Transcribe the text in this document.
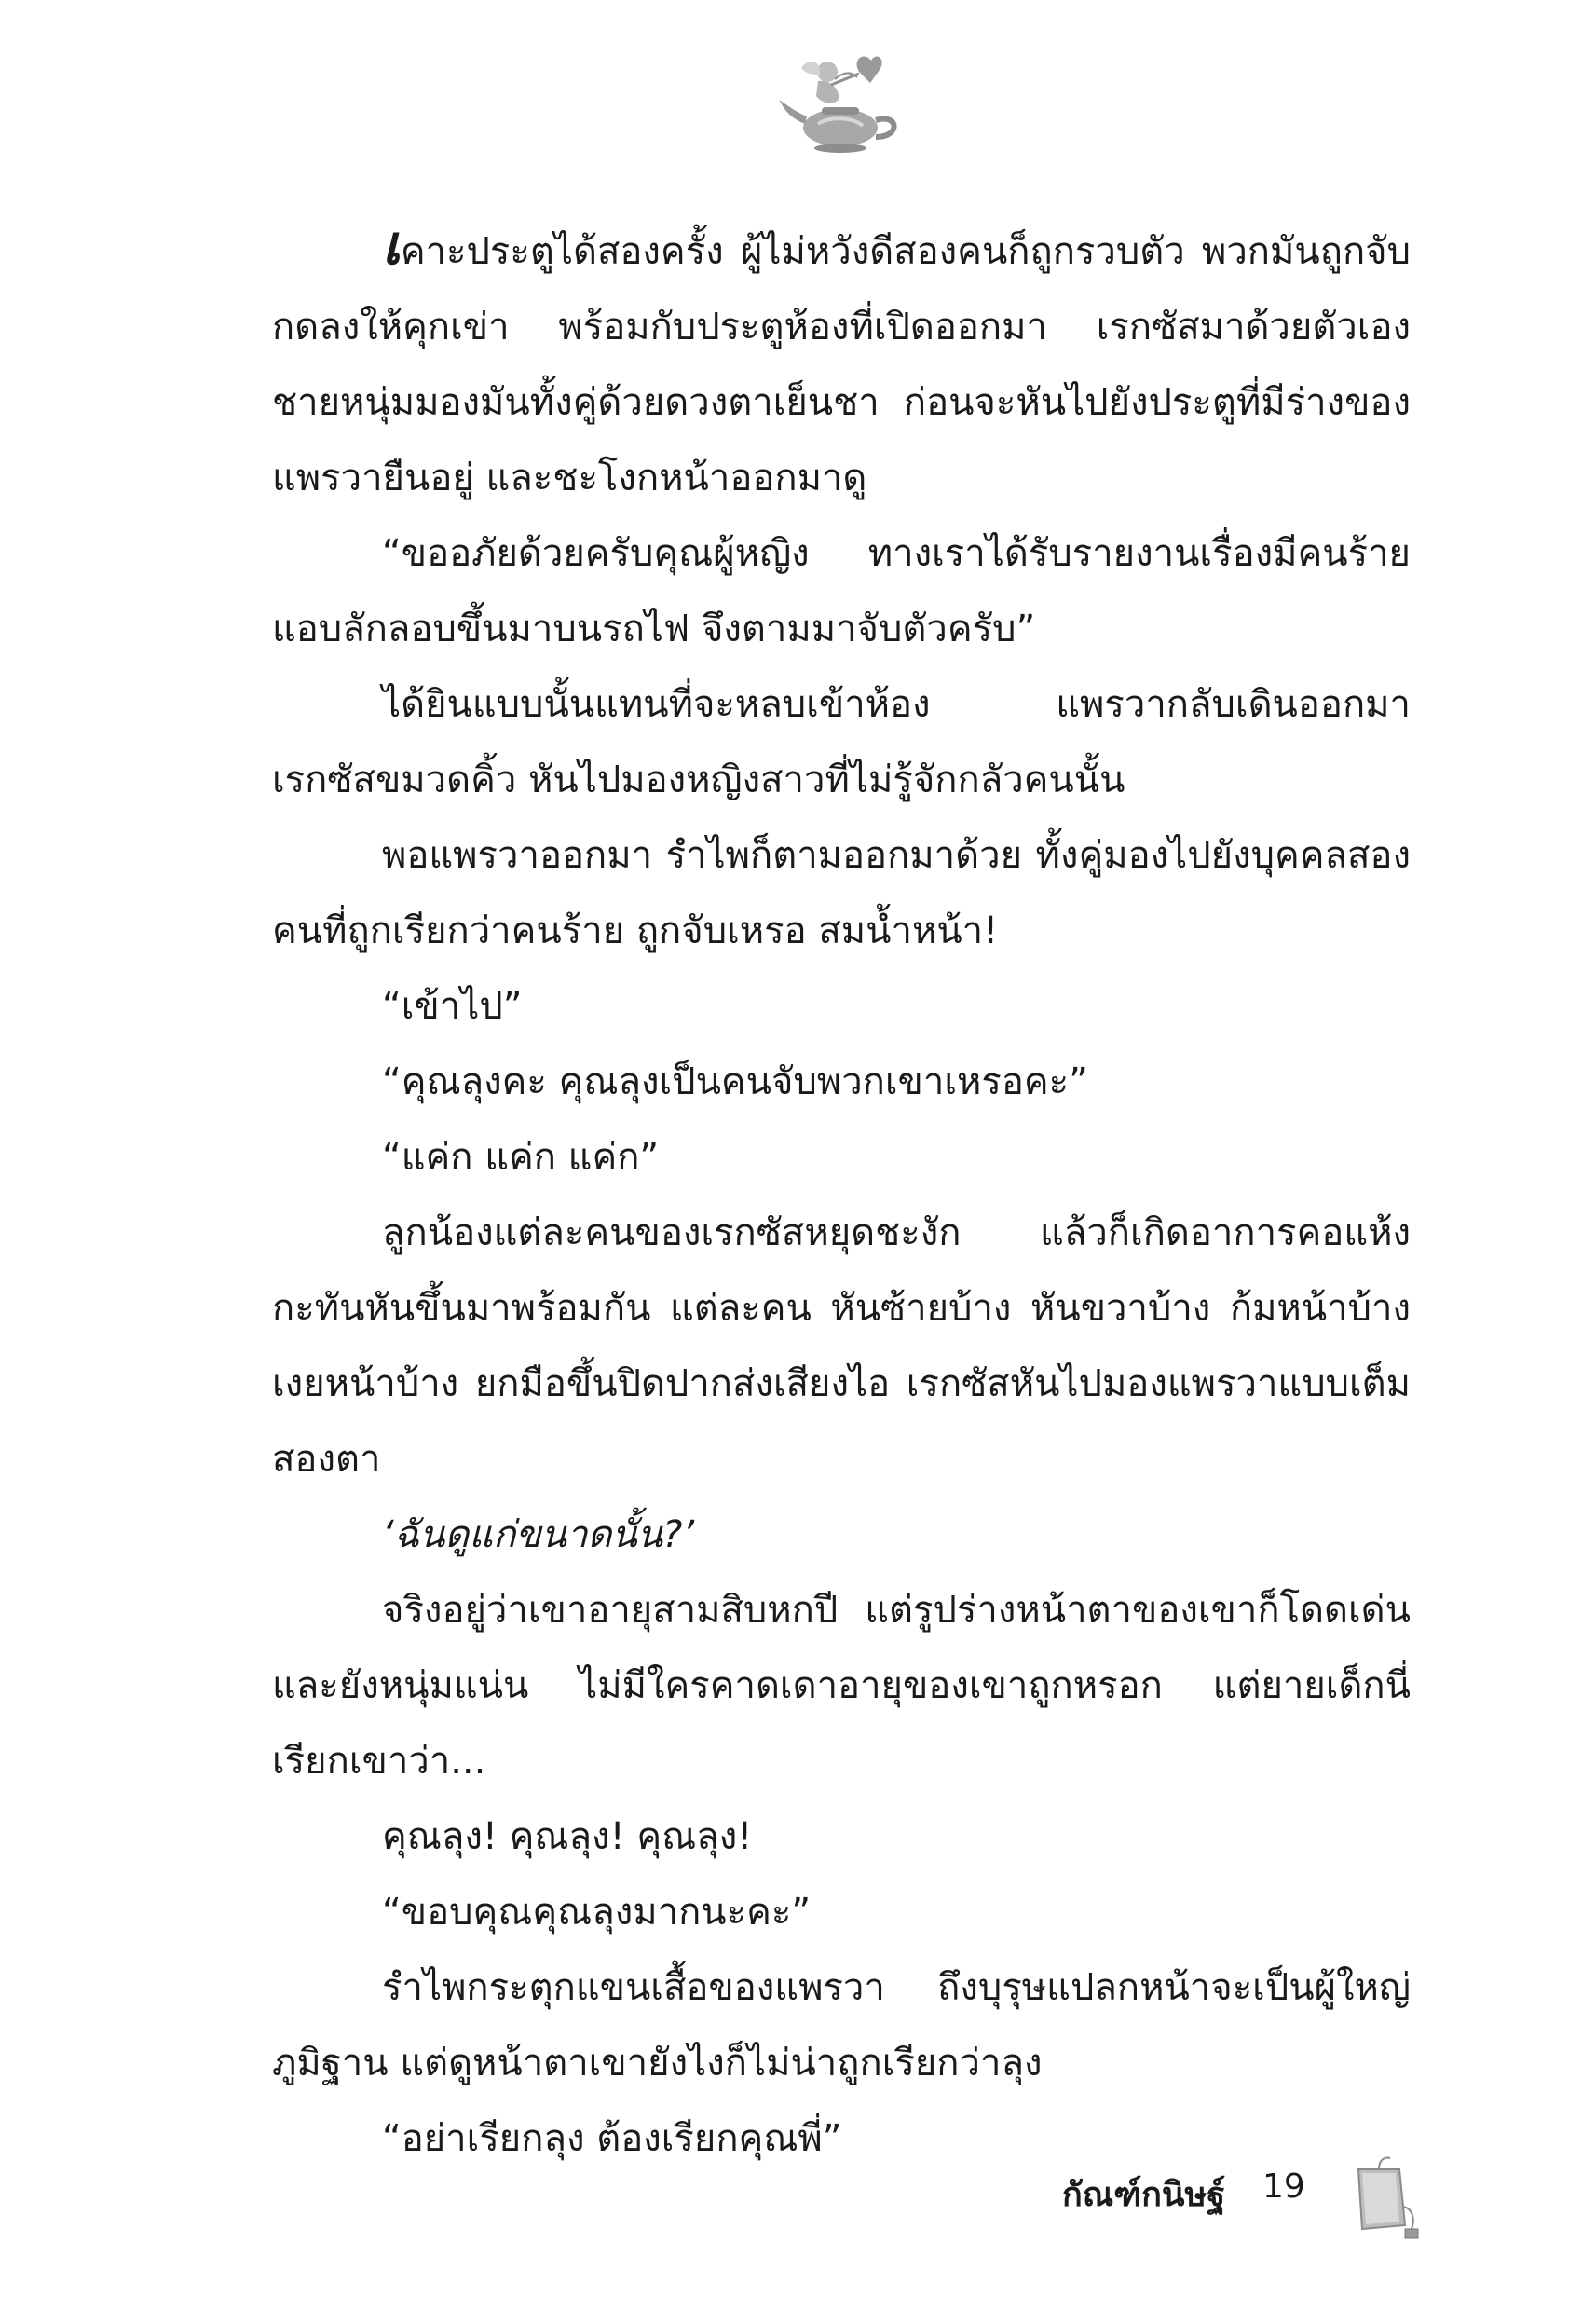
เคาะประตูได้สองครั้ง ผู้ไม่หวังดีสองคนก็ถูกรวบตัว พวกมันถูกจับกดลงให้คุกเข่า พร้อมกับประตูห้องที่เปิดออกมา เรกซัสมาด้วยตัวเอง ชายหนุ่มมองมันทั้งคู่ด้วยดวงตาเย็นชา ก่อนจะหันไปยังประตูที่มีร่างของแพรวายืนอยู่ และชะโงกหน้าออกมาดู

“ขออภัยด้วยครับคุณผู้หญิง ทางเราได้รับรายงานเรื่องมีคนร้ายแอบลักลอบขึ้นมาบนรถไฟ จึงตามมาจับตัวครับ”

ได้ยินแบบนั้นแทนที่จะหลบเข้าห้อง แพรวากลับเดินออกมา เรกซัสขมวดคิ้ว หันไปมองหญิงสาวที่ไม่รู้จักกลัวคนนั้น

พอแพรวาออกมา รำไพก็ตามออกมาด้วย ทั้งคู่มองไปยังบุคคลสองคนที่ถูกเรียกว่าคนร้าย ถูกจับเหรอ สมน้ำหน้า!

“เข้าไป”

“คุณลุงคะ คุณลุงเป็นคนจับพวกเขาเหรอคะ”

“แค่ก แค่ก แค่ก”

ลูกน้องแต่ละคนของเรกซัสหยุดชะงัก แล้วก็เกิดอาการคอแห้งกะทันหันขึ้นมาพร้อมกัน แต่ละคน หันซ้ายบ้าง หันขวาบ้าง ก้มหน้าบ้าง เงยหน้าบ้าง ยกมือขึ้นปิดปากส่งเสียงไอ เรกซัสหันไปมองแพรวาแบบเต็มสองตา

‘ฉันดูแก่ขนาดนั้น?’

จริงอยู่ว่าเขาอายุสามสิบหกปี แต่รูปร่างหน้าตาของเขาก็โดดเด่นและยังหนุ่มแน่น ไม่มีใครคาดเดาอายุของเขาถูกหรอก แต่ยายเด็กนี่เรียกเขาว่า...

คุณลุง! คุณลุง! คุณลุง!

“ขอบคุณคุณลุงมากนะคะ”

รำไพกระตุกแขนเสื้อของแพรวา ถึงบุรุษแปลกหน้าจะเป็นผู้ใหญ่ภูมิฐาน แต่ดูหน้าตาเขายังไงก็ไม่น่าถูกเรียกว่าลุง

“อย่าเรียกลุง ต้องเรียกคุณพี่”

กัณฑ์กนิษฐ์ 19
